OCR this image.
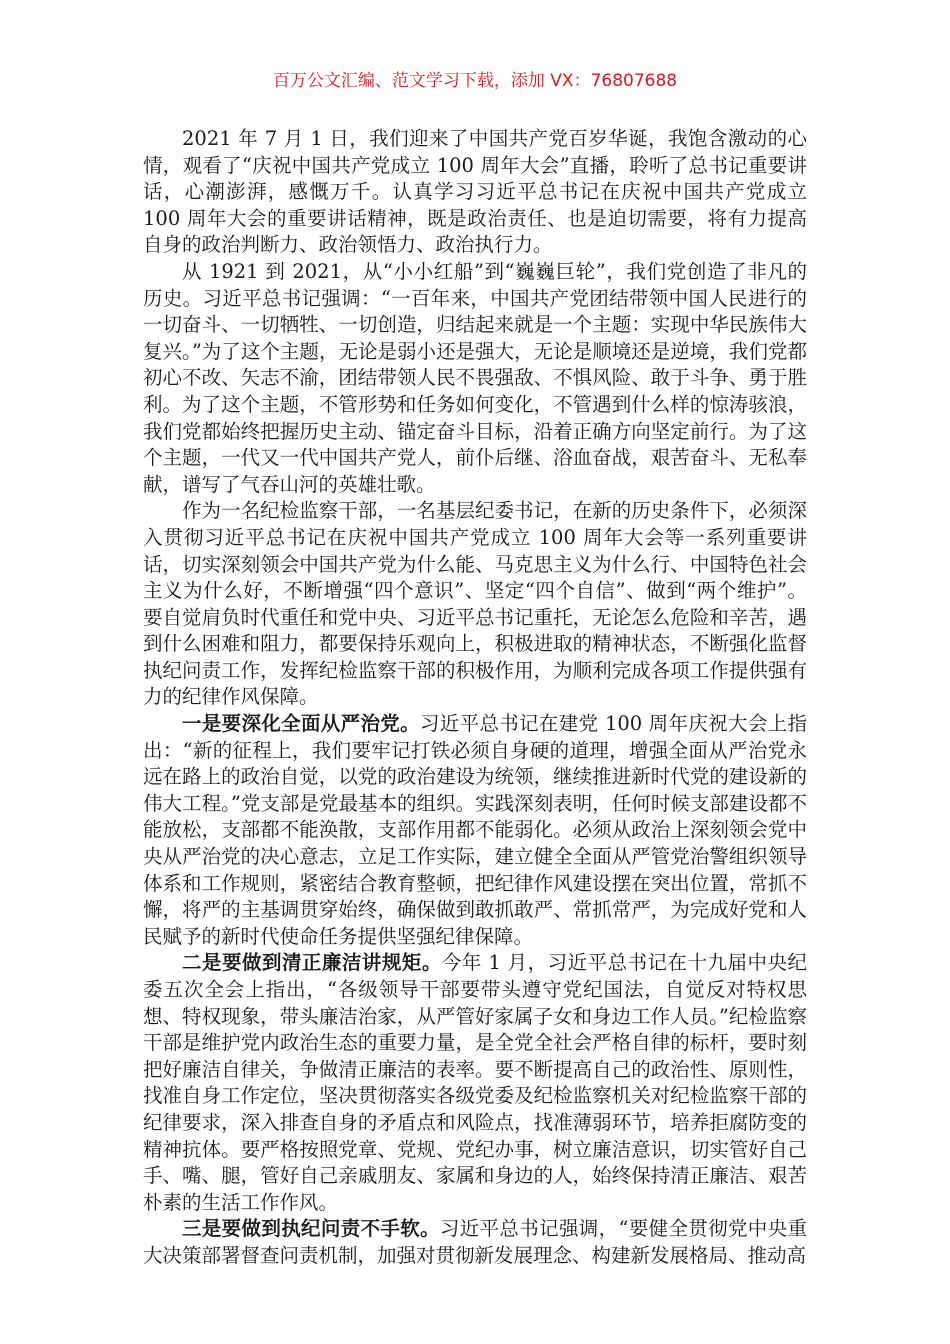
百万公文汇编、范文学习下载，添加 VX：76807688

2021 年 7 月 1 日，我们迎来了中国共产党百岁华诞，我饱含激动的心情，观看了“庆祝中国共产党成立 100 周年大会”直播，聆听了总书记重要讲话，心潮澎湃，感慨万千。认真学习习近平总书记在庆祝中国共产党成立 100 周年大会的重要讲话精神，既是政治责任、也是迫切需要，将有力提高自身的政治判断力、政治领悟力、政治执行力。

从 1921 到 2021，从“小小红船”到“巍巍巨轮”，我们党创造了非凡的历史。习近平总书记强调：“一百年来，中国共产党团结带领中国人民进行的一切奋斗、一切牺牲、一切创造，归结起来就是一个主题：实现中华民族伟大复兴。”为了这个主题，无论是弱小还是强大，无论是顺境还是逆境，我们党都初心不改、矢志不渝，团结带领人民不畏强敌、不惧风险、敢于斗争、勇于胜利。为了这个主题，不管形势和任务如何变化，不管遇到什么样的惊涛骇浪，我们党都始终把握历史主动、锚定奋斗目标，沿着正确方向坚定前行。为了这个主题，一代又一代中国共产党人，前仆后继、浴血奋战，艰苦奋斗、无私奉献，谱写了气吞山河的英雄壮歌。

作为一名纪检监察干部，一名基层纪委书记，在新的历史条件下，必须深入贯彻习近平总书记在庆祝中国共产党成立 100 周年大会等一系列重要讲话，切实深刻领会中国共产党为什么能、马克思主义为什么行、中国特色社会主义为什么好，不断增强“四个意识”、坚定“四个自信”、做到“两个维护”。要自觉肩负时代重任和党中央、习近平总书记重托，无论怎么危险和辛苦，遇到什么困难和阻力，都要保持乐观向上，积极进取的精神状态，不断强化监督执纪问责工作，发挥纪检监察干部的积极作用，为顺利完成各项工作提供强有力的纪律作风保障。

一是要深化全面从严治党。习近平总书记在建党 100 周年庆祝大会上指出：“新的征程上，我们要牢记打铁必须自身硬的道理，增强全面从严治党永远在路上的政治自觉，以党的政治建设为统领，继续推进新时代党的建设新的伟大工程。”党支部是党最基本的组织。实践深刻表明，任何时候支部建设都不能放松，支部都不能涣散，支部作用都不能弱化。必须从政治上深刻领会党中央从严治党的决心意志，立足工作实际，建立健全全面从严管党治警组织领导体系和工作规则，紧密结合教育整顿，把纪律作风建设摆在突出位置，常抓不懈，将严的主基调贯穿始终，确保做到敢抓敢严、常抓常严，为完成好党和人民赋予的新时代使命任务提供坚强纪律保障。

二是要做到清正廉洁讲规矩。今年 1 月，习近平总书记在十九届中央纪委五次全会上指出，“各级领导干部要带头遵守党纪国法，自觉反对特权思想、特权现象，带头廉洁治家，从严管好家属子女和身边工作人员。”纪检监察干部是维护党内政治生态的重要力量，是全党全社会严格自律的标杆，要时刻把好廉洁自律关，争做清正廉洁的表率。要不断提高自己的政治性、原则性，找准自身工作定位，坚决贯彻落实各级党委及纪检监察机关对纪检监察干部的纪律要求，深入排查自身的矛盾点和风险点，找准薄弱环节，培养拒腐防变的精神抗体。要严格按照党章、党规、党纪办事，树立廉洁意识，切实管好自己手、嘴、腿，管好自己亲戚朋友、家属和身边的人，始终保持清正廉洁、艰苦朴素的生活工作作风。

三是要做到执纪问责不手软。习近平总书记强调，“要健全贯彻党中央重大决策部署督查问责机制，加强对贯彻新发展理念、构建新发展格局、推动高
